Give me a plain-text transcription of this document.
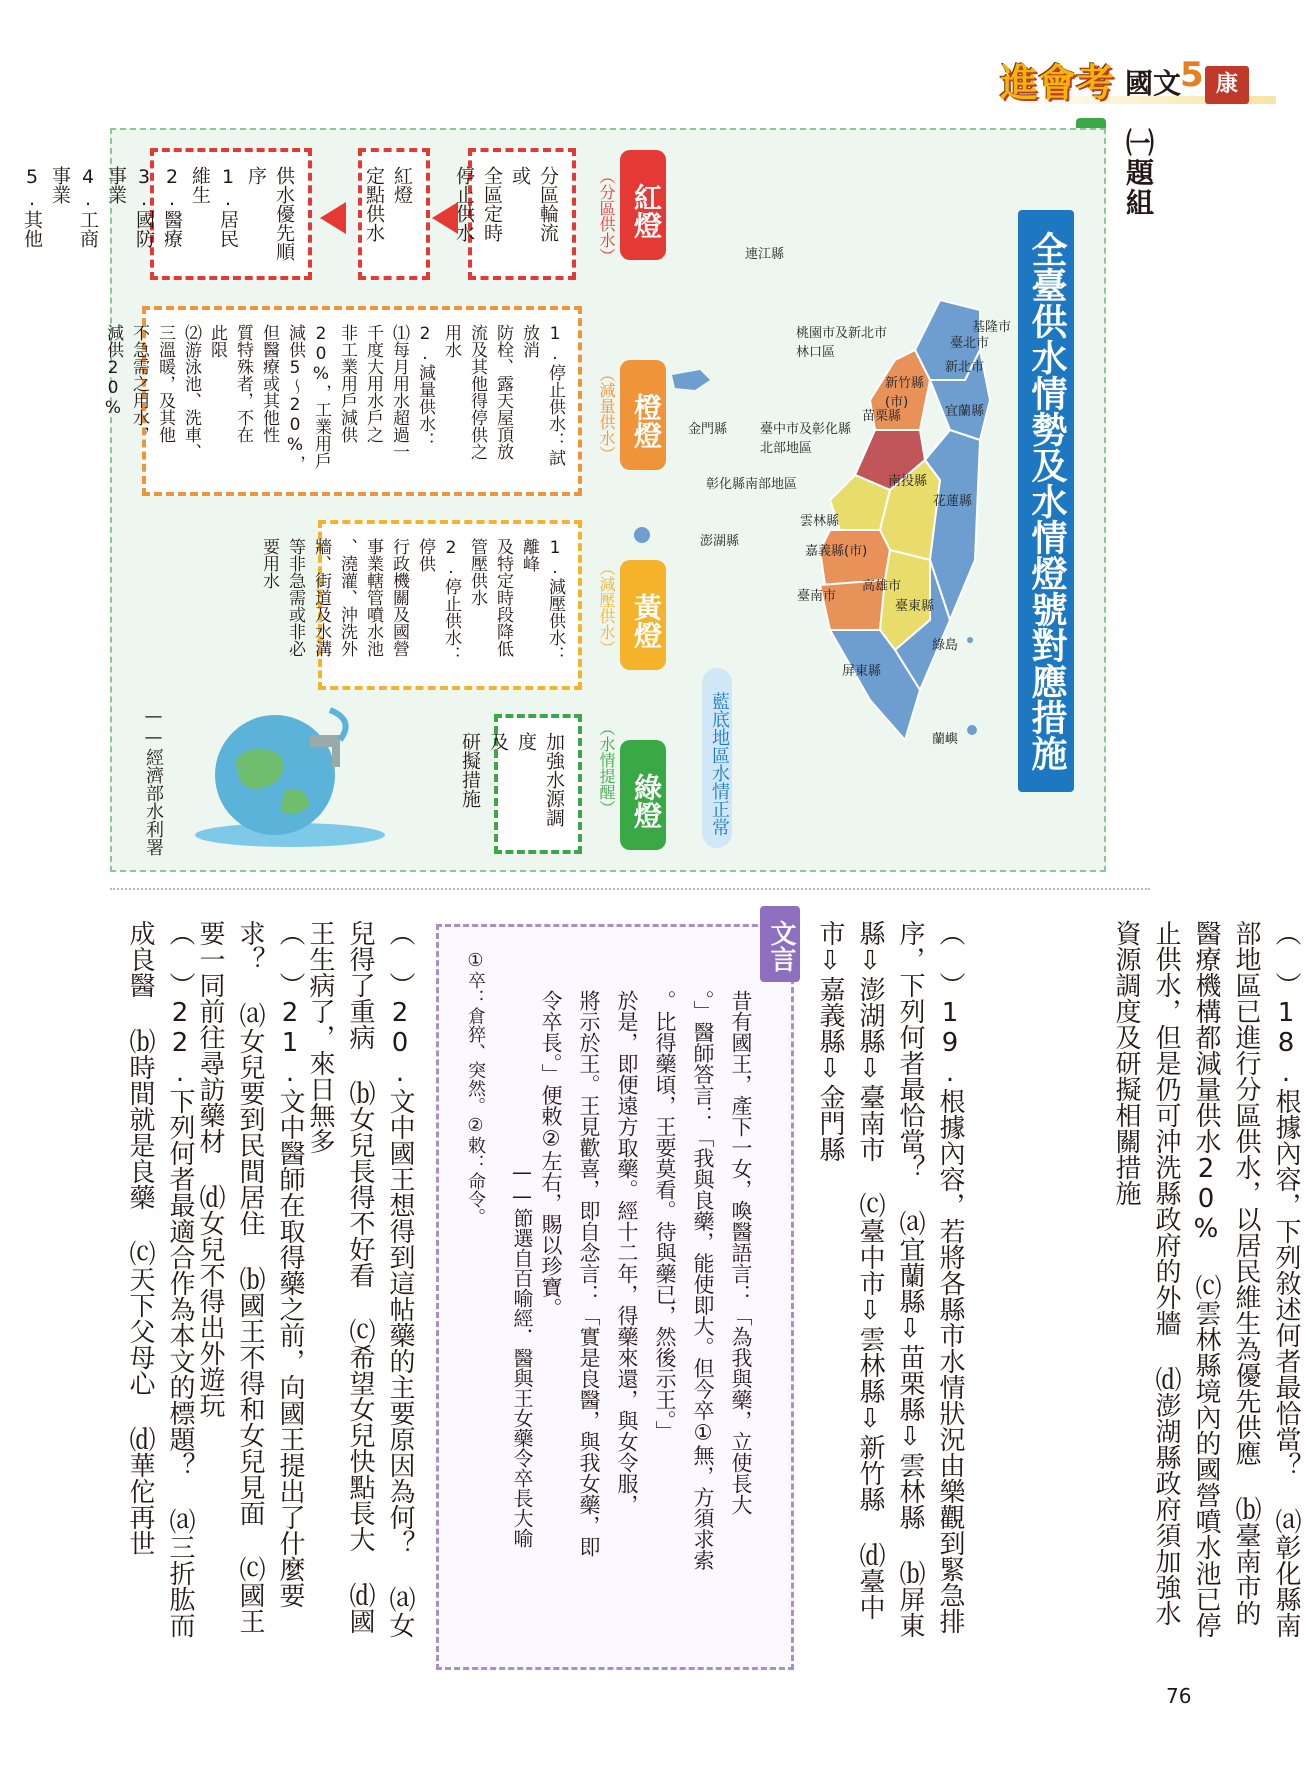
進會考 國文
5 康
㈠題組
全臺供水情勢及水情燈號對應措施
連江縣
基隆市
臺北市
新北市
桃園市及新北市林口區
新竹縣(市)
宜蘭縣
苗栗縣
金門縣	臺中市及彰化縣北部地區
彰化縣南部地區	南投縣
花蓮縣
雲林縣
嘉義縣(市)
澎湖縣
臺南市
高雄市
臺東縣
綠島
屏東縣
蘭嶼
藍底地區水情正常
紅燈
（分區供水）
分區輪流
或
全區定時
停止供水
紅燈
定點供水
供水優先順序
1.居民維生
2.醫療
3.國防事業
4.工商事業
5.其他
橙燈
（減量供水）
1.停止供水：試放消
防栓、露天屋頂放
流及其他得停供之
用水
2.減量供水：
⑴每月用水超過一
千度大用水戶之
非工業用戶減供
20%，工業用戶
減供5～20%，
但醫療或其他性
質特殊者，不在
此限
⑵游泳池、洗車、
三溫暖，及其他
不急需之用水，
減供20%
黃燈
（減壓供水）
1.減壓供水：離峰
及特定時段降低
管壓供水
2.停止供水：停供
行政機關及國營
事業轄管噴水池
、澆灌、沖洗外
牆、街道及水溝
等非急需或非必
要用水
綠燈
（水情提醒）
加強水源調度
及
研擬措施
——經濟部水利署
（　）18.根據內容，下列敘述何者最恰當？ ⒜彰化縣南部地區已進行分區供水，以居民維生為優先供應 ⒝臺南市的醫療機構都減量供水20% ⒞雲林縣境內的國營噴水池已停止供水，但是仍可沖洗縣政府的外牆 ⒟澎湖縣政府須加強水資源調度及研擬相關措施
（　）19.根據內容，若將各縣市水情狀況由樂觀到緊急排序，下列何者最恰當？ ⒜宜蘭縣⇩苗栗縣⇩雲林縣 ⒝屏東縣⇩澎湖縣⇩臺南市 ⒞臺中市⇩雲林縣⇩新竹縣 ⒟臺中市⇩嘉義縣⇩金門縣
文言
昔有國王，產下一女，喚醫語言：「為我與藥，立使長大
。」醫師答言：「我與良藥，能使即大。但今卒①無，方須求索
。比得藥頃，王要莫看。待與藥已，然後示王。」
於是，即便遠方取藥。經十二年，得藥來還，與女令服，
將示於王。王見歡喜，即自念言：「實是良醫，與我女藥，即
令卒長。」便敕②左右，賜以珍寶。
——節選自百喻經．醫與王女藥令卒長大喻
①卒：倉猝、突然。②敕：命令。
（　）20.文中國王想得到這帖藥的主要原因為何？ ⒜女兒得了重病 ⒝女兒長得不好看 ⒞希望女兒快點長大 ⒟國王生病了，來日無多
（　）21.文中醫師在取得藥之前，向國王提出了什麼要求？ ⒜女兒要到民間居住 ⒝國王不得和女兒見面 ⒞國王要一同前往尋訪藥材 ⒟女兒不得出外遊玩
（　）22.下列何者最適合作為本文的標題？ ⒜三折肱而成良醫 ⒝時間就是良藥 ⒞天下父母心 ⒟華佗再世
76
